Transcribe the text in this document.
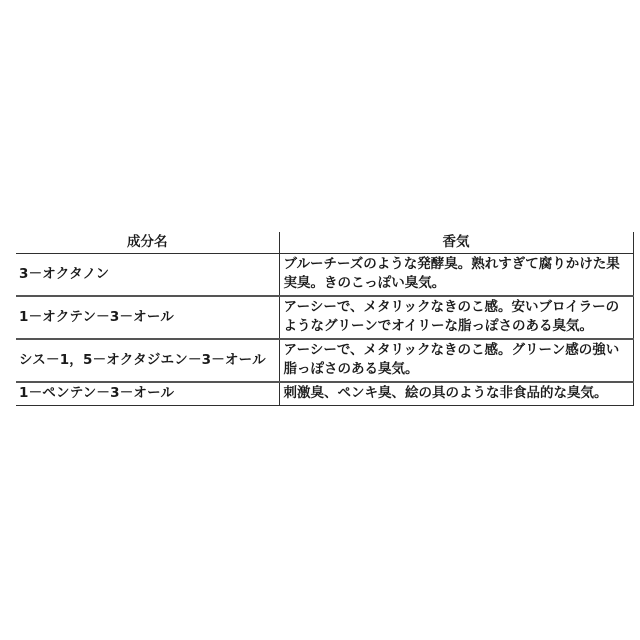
成分名	香気
3－オクタノン	ブルーチーズのような発酵臭。熟れすぎて腐りかけた果実臭。きのこっぽい臭気。
1－オクテン－3－オール	アーシーで、メタリックなきのこ感。安いブロイラーのようなグリーンでオイリーな脂っぽさのある臭気。
シス－1，5－オクタジエン－3－オール	アーシーで、メタリックなきのこ感。グリーン感の強い脂っぽさのある臭気。
1－ペンテン－3－オール	刺激臭、ペンキ臭、絵の具のような非食品的な臭気。
